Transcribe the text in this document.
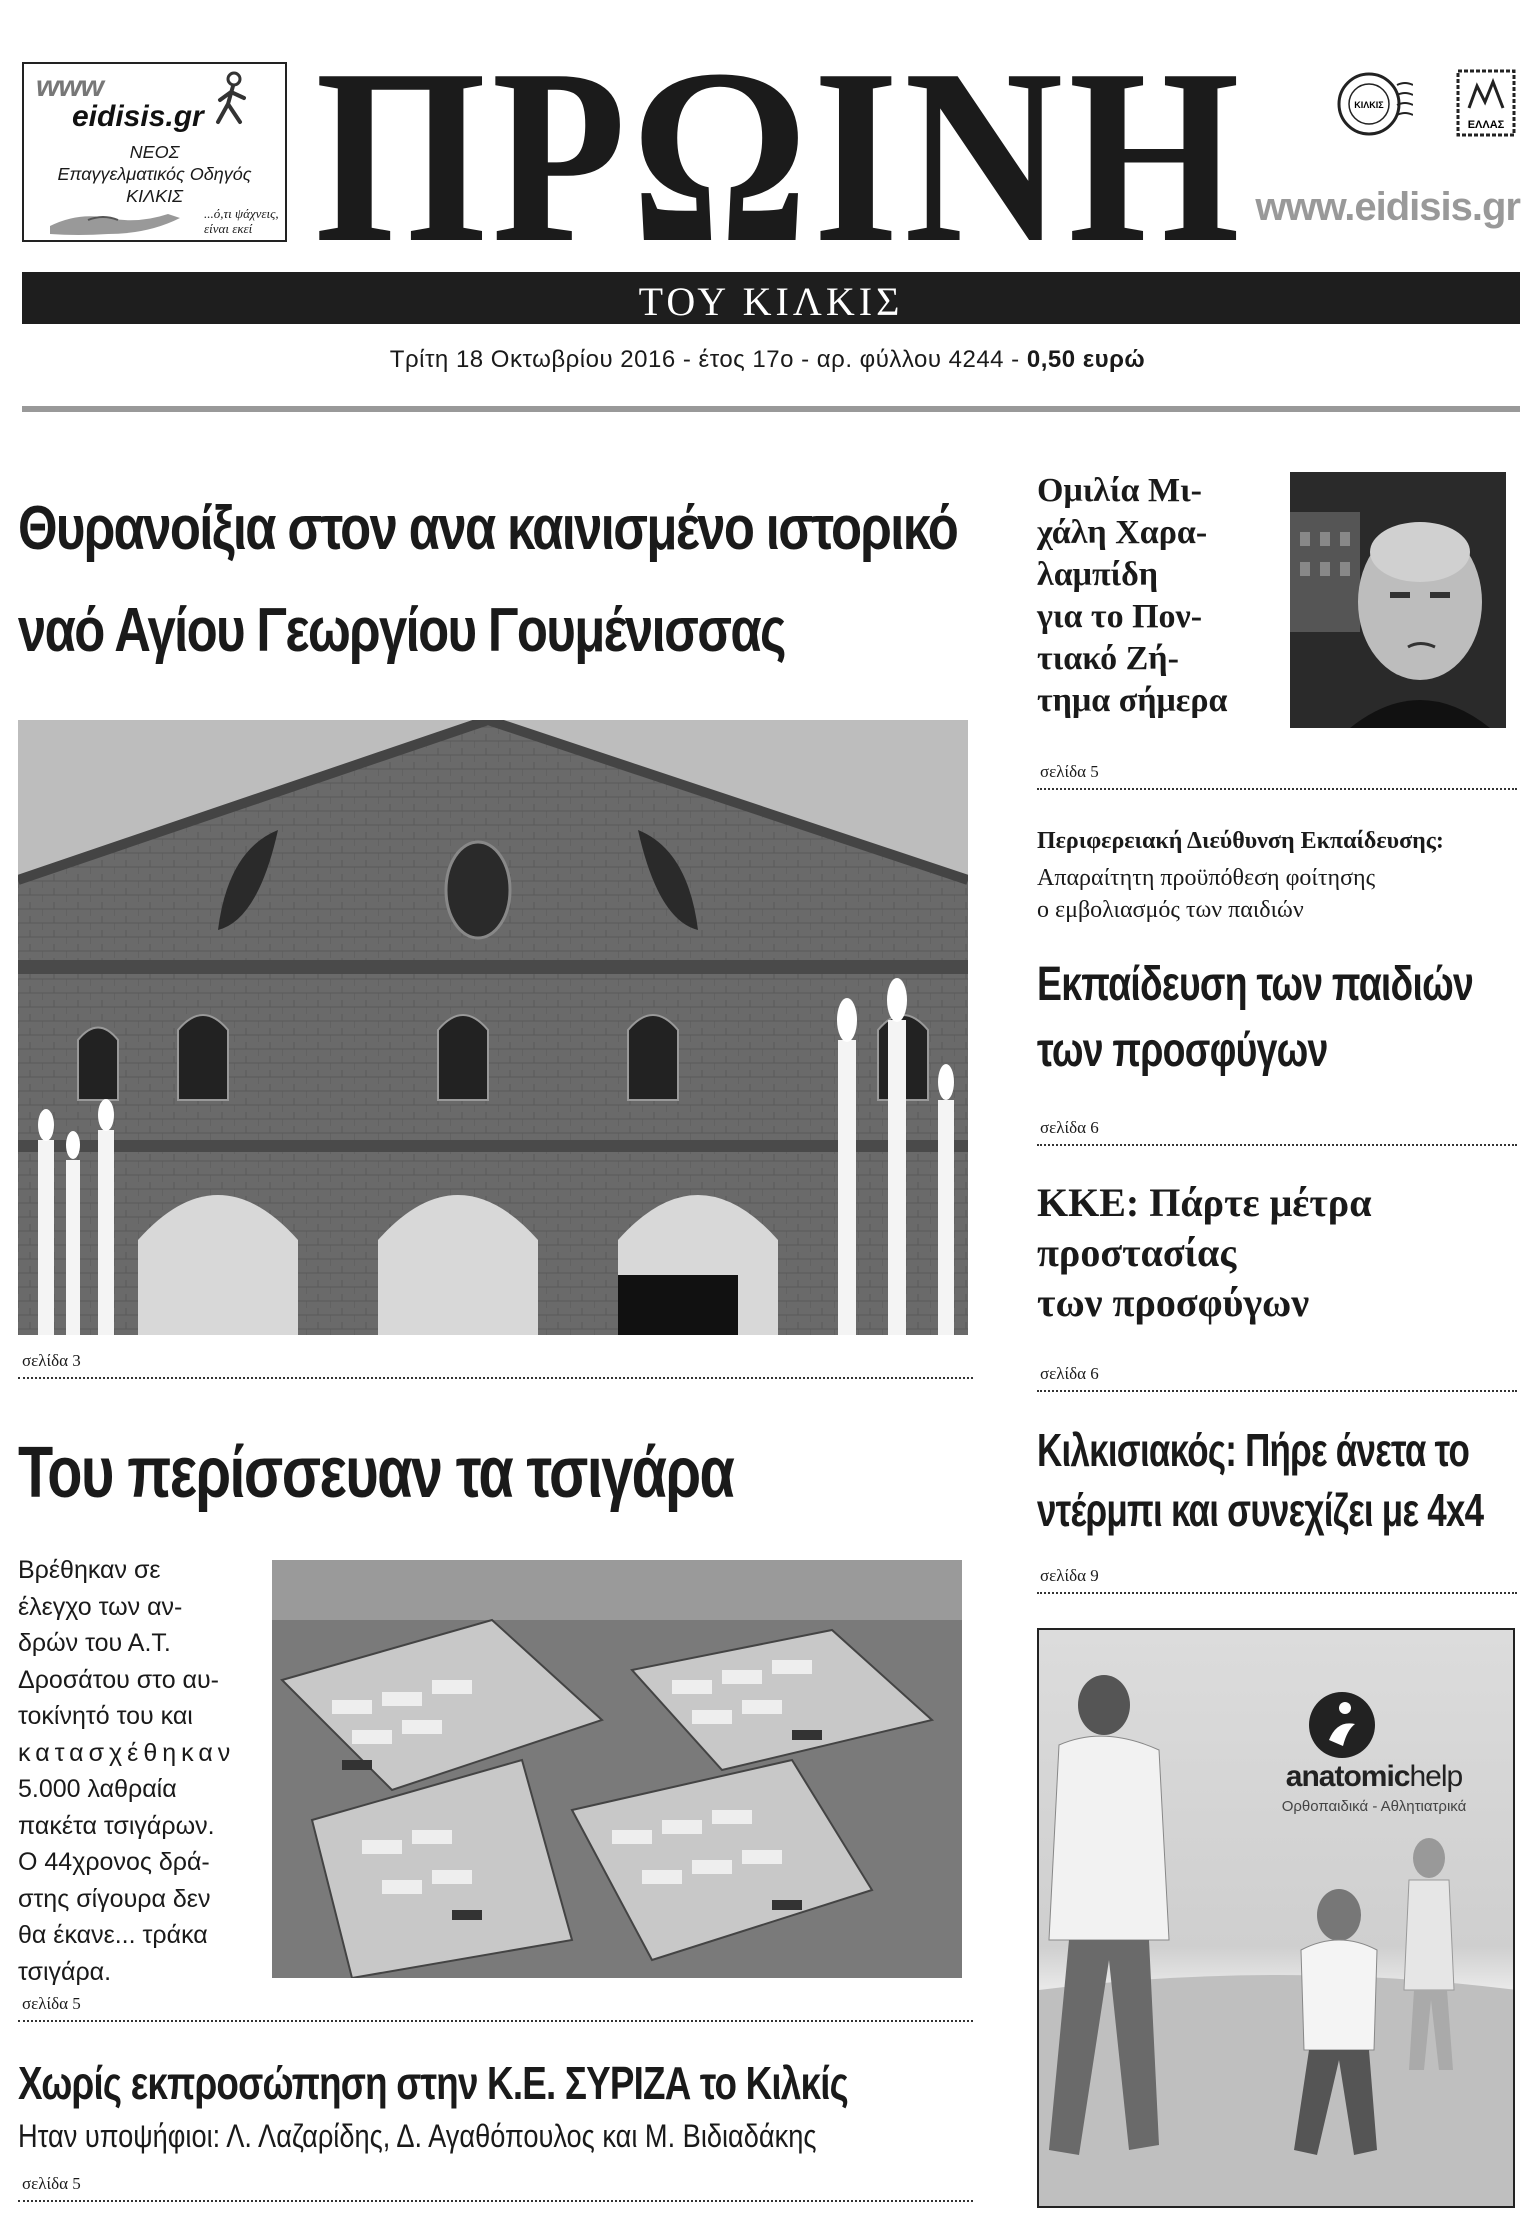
www
eidisis.gr
ΝΕΟΣ
Επαγγελματικός Οδηγός
ΚΙΛΚΙΣ
...ό,τι ψάχνεις, είναι εκεί ΠΡΩΙΝΗ	ΚΙΛΚΙΣ
ΕΛΛΑΣ
www.eidisis.gr
ΤΟΥ ΚΙΛΚΙΣ
Τρίτη 18 Οκτωβρίου 2016 - έτος 17ο - αρ. φύλλου 4244 - 0,50 ευρώ
Θυρανοίξια στον ανα καινισμένο ιστορικό
ναό Αγίου Γεωργίου Γουμένισσας
σελίδα 3
Του περίσσευαν τα τσιγάρα
Βρέθηκαν σε
έλεγχο των αν-
δρών του Α.Τ.
Δροσάτου στο αυ-
τοκίνητό του και
κατασχέθηκαν
5.000 λαθραία
πακέτα τσιγάρων.
Ο 44χρονος δρά-
στης σίγουρα δεν
θα έκανε... τράκα
τσιγάρα.
σελίδα 5
Χωρίς εκπροσώπηση στην Κ.Ε. ΣΥΡΙΖΑ το Κιλκίς
Ηταν υποψήφιοι: Λ. Λαζαρίδης, Δ. Αγαθόπουλος και Μ. Βιδιαδάκης
σελίδα 5
Ομιλία Μι-
χάλη Χαρα-
λαμπίδη
για το Πον-
τιακό Ζή-
τημα σήμερα
σελίδα 5
Περιφερειακή Διεύθυνση Εκπαίδευσης:
Απαραίτητη προϋπόθεση φοίτησης
ο εμβολιασμός των παιδιών
Εκπαίδευση των παιδιών
των προσφύγων
σελίδα 6
ΚΚΕ: Πάρτε μέτρα
προστασίας
των προσφύγων
σελίδα 6
Κιλκισιακός: Πήρε άνετα το
ντέρμπι και συνεχίζει με 4x4
σελίδα 9
anatomichelp
Ορθοπαιδικά - Αθλητιατρικά
